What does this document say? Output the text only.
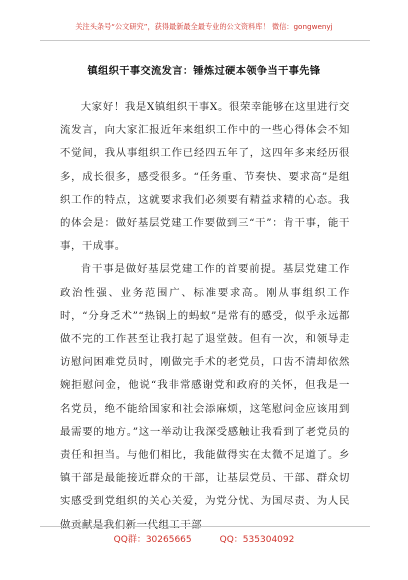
关注头条号“公文研究”，获得最新最全最专业的公文资料库！ 微信：gongwenyj
镇组织干事交流发言：锤炼过硬本领争当干事先锋

大家好！我是X镇组织干事X。很荣幸能够在这里进行交流发言，向大家汇报近年来组织工作中的一些心得体会不知不觉间，我从事组织工作已经四五年了，这四年多来经历很多，成长很多，感受很多。“任务重、节奏快、要求高”是组织工作的特点，这就要求我们必须要有精益求精的心态。我的体会是：做好基层党建工作要做到三“干”：肯干事，能干事，干成事。

肯干事是做好基层党建工作的首要前提。基层党建工作政治性强、业务范围广、标准要求高。刚从事组织工作时，“分身乏术”“热锅上的蚂蚁”是常有的感受，似乎永远都做不完的工作甚至让我打起了退堂鼓。但有一次，和领导走访慰问困难党员时，刚做完手术的老党员，口齿不清却依然婉拒慰问金，他说“我非常感谢党和政府的关怀，但我是一名党员，绝不能给国家和社会添麻烦，这笔慰问金应该用到最需要的地方。”这一举动让我深受感触让我看到了老党员的责任和担当。与他们相比，我能做得实在太微不足道了。乡镇干部是最能接近群众的干部，让基层党员、干部、群众切实感受到党组织的关心关爱，为党分忧、为国尽责、为人民做贡献是我们新一代组工干部

QQ群：30265665	QQ：535304092
